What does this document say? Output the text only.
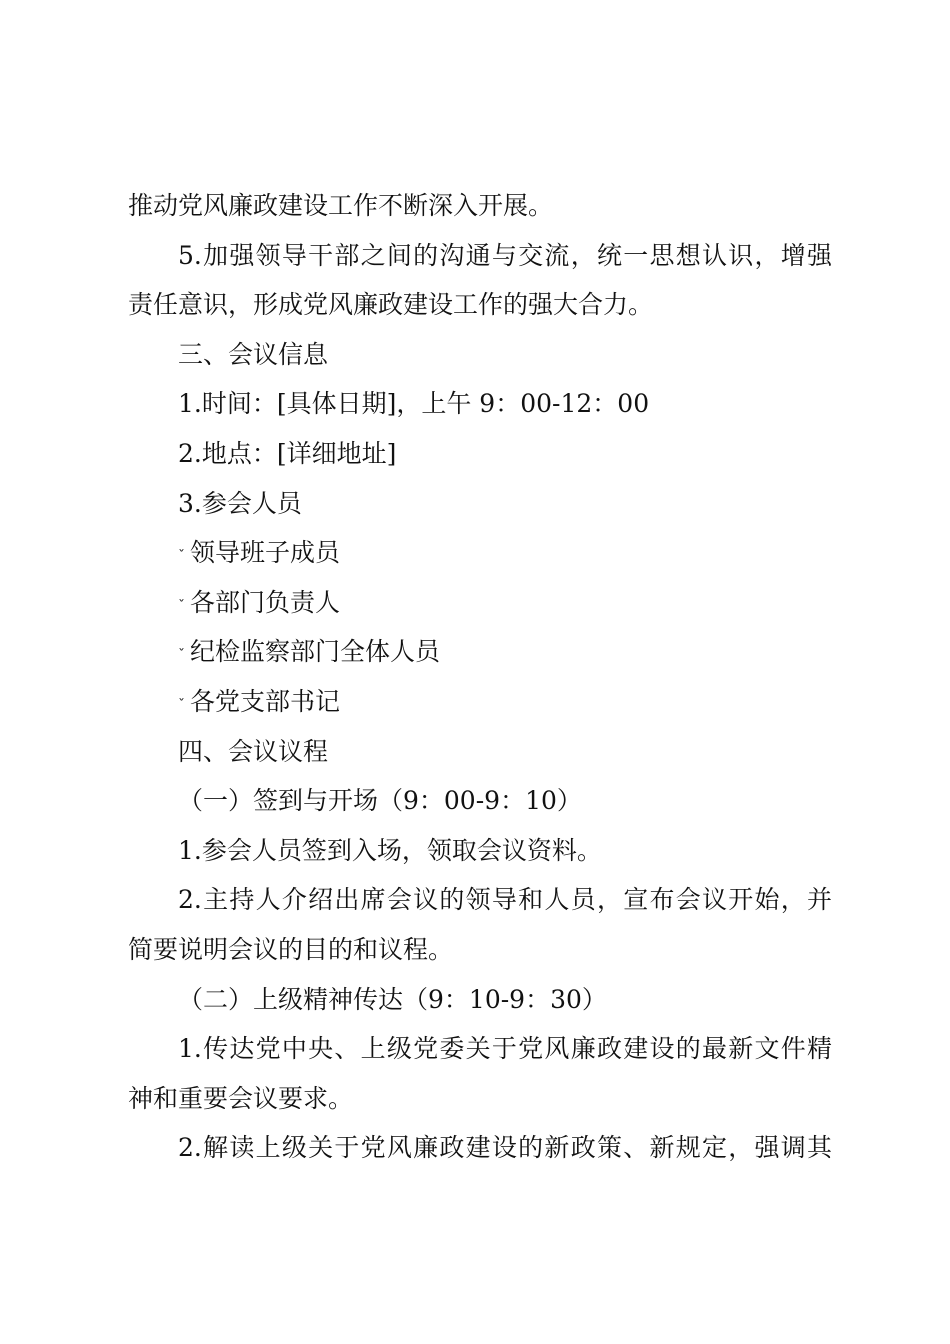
推动党风廉政建设工作不断深入开展。
5.加强领导干部之间的沟通与交流，统一思想认识，增强
责任意识，形成党风廉政建设工作的强大合力。
三、会议信息
1.时间：[具体日期]，上午 9：00-12：00
2.地点：[详细地址]
3.参会人员
ˇ 领导班子成员
ˇ 各部门负责人
ˇ 纪检监察部门全体人员
ˇ 各党支部书记
四、会议议程
（一）签到与开场（9：00-9：10）
1.参会人员签到入场，领取会议资料。
2.主持人介绍出席会议的领导和人员，宣布会议开始，并
简要说明会议的目的和议程。
（二）上级精神传达（9：10-9：30）
1.传达党中央、上级党委关于党风廉政建设的最新文件精
神和重要会议要求。
2.解读上级关于党风廉政建设的新政策、新规定，强调其
